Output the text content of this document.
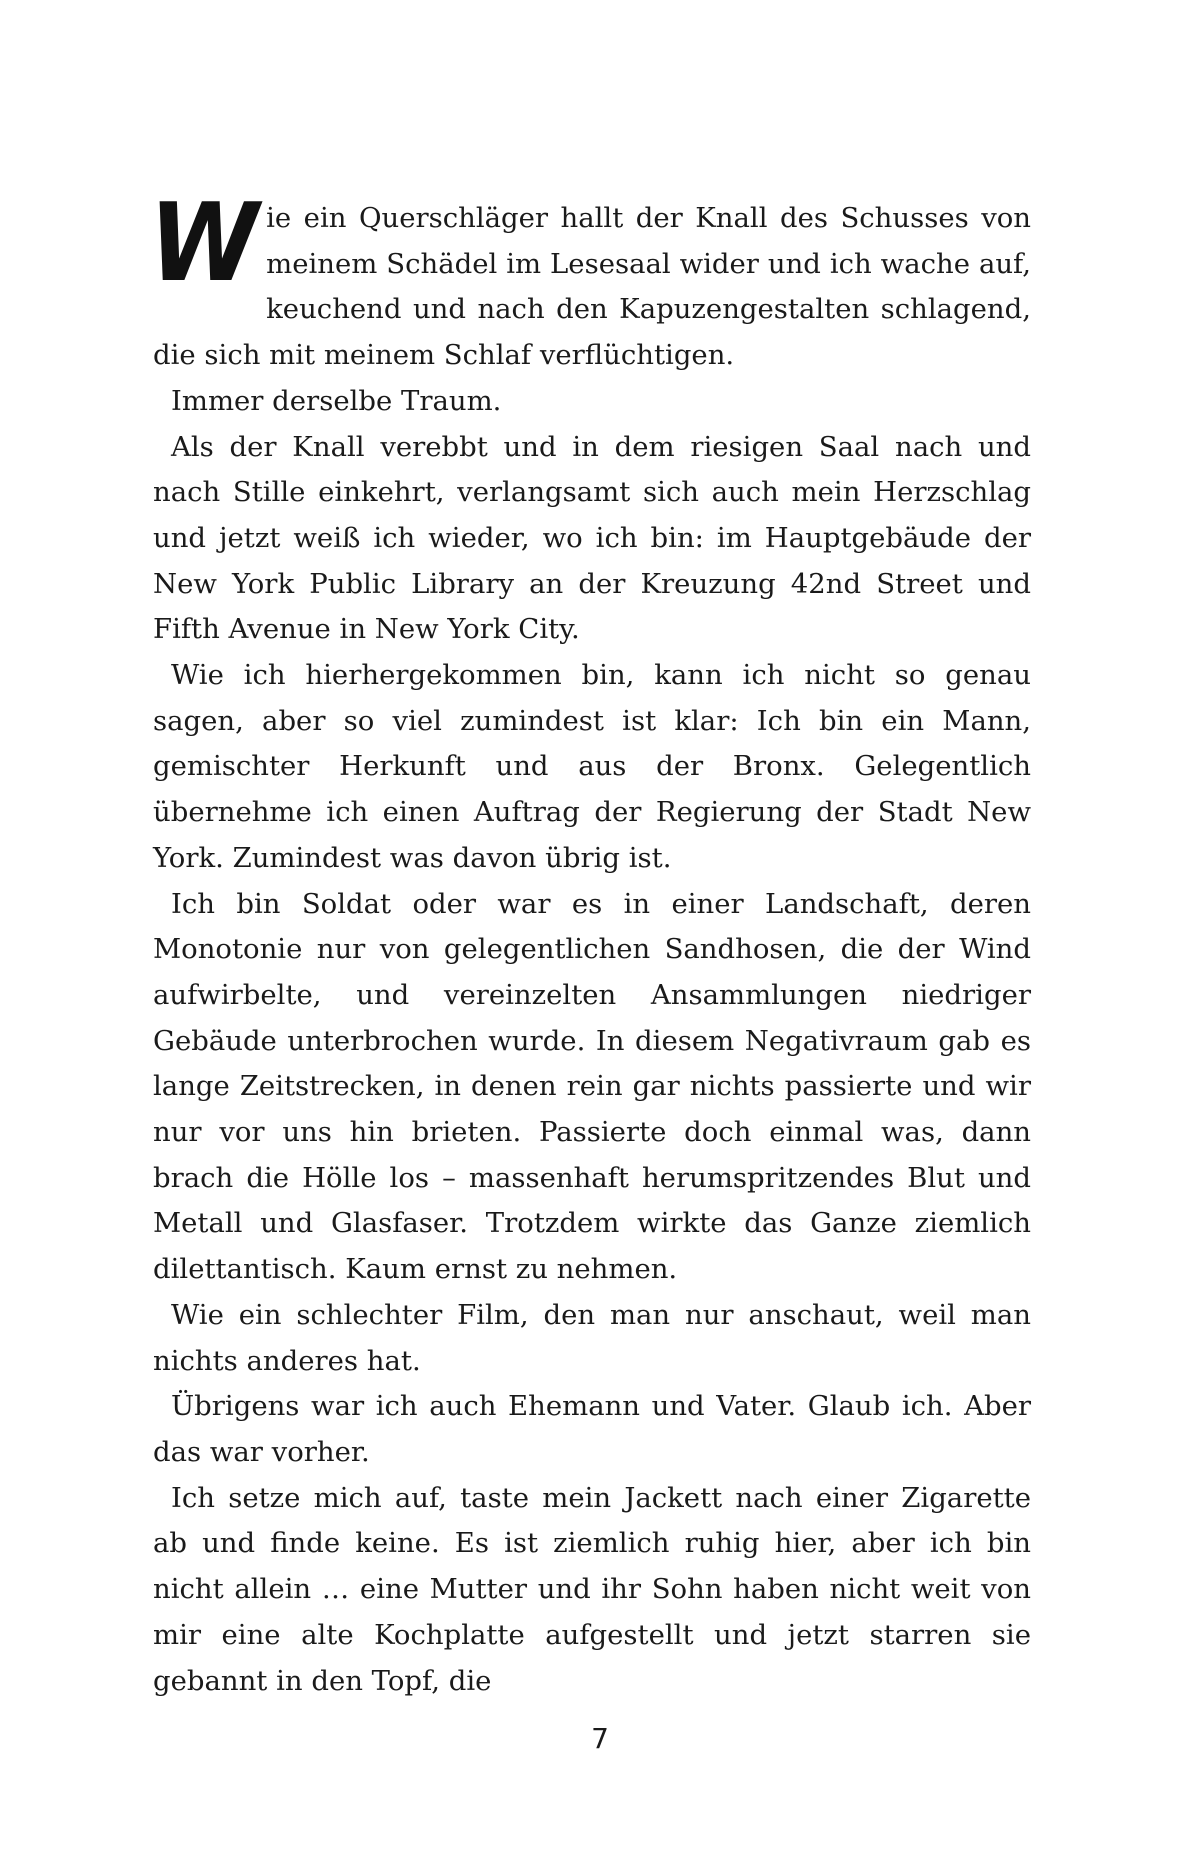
Wie ein Querschläger hallt der Knall des Schusses von meinem Schädel im Lesesaal wider und ich wache auf, keuchend und nach den Kapuzengestalten schlagend, die sich mit meinem Schlaf verflüchtigen.

Immer derselbe Traum.

Als der Knall verebbt und in dem riesigen Saal nach und nach Stille einkehrt, verlangsamt sich auch mein Herzschlag und jetzt weiß ich wieder, wo ich bin: im Hauptgebäude der New York Public Library an der Kreuzung 42nd Street und Fifth Avenue in New York City.

Wie ich hierhergekommen bin, kann ich nicht so genau sagen, aber so viel zumindest ist klar: Ich bin ein Mann, gemischter Herkunft und aus der Bronx. Gelegentlich übernehme ich einen Auftrag der Regierung der Stadt New York. Zumindest was davon übrig ist.

Ich bin Soldat oder war es in einer Landschaft, deren Monotonie nur von gelegentlichen Sandhosen, die der Wind aufwirbelte, und vereinzelten Ansammlungen niedriger Gebäude unterbrochen wurde. In diesem Negativraum gab es lange Zeitstrecken, in denen rein gar nichts passierte und wir nur vor uns hin brieten. Passierte doch einmal was, dann brach die Hölle los – massenhaft herumspritzendes Blut und Metall und Glasfaser. Trotzdem wirkte das Ganze ziemlich dilettantisch. Kaum ernst zu nehmen.

Wie ein schlechter Film, den man nur anschaut, weil man nichts anderes hat.

Übrigens war ich auch Ehemann und Vater. Glaub ich. Aber das war vorher.

Ich setze mich auf, taste mein Jackett nach einer Zigarette ab und finde keine. Es ist ziemlich ruhig hier, aber ich bin nicht allein … eine Mutter und ihr Sohn haben nicht weit von mir eine alte Kochplatte aufgestellt und jetzt starren sie gebannt in den Topf, die

7
